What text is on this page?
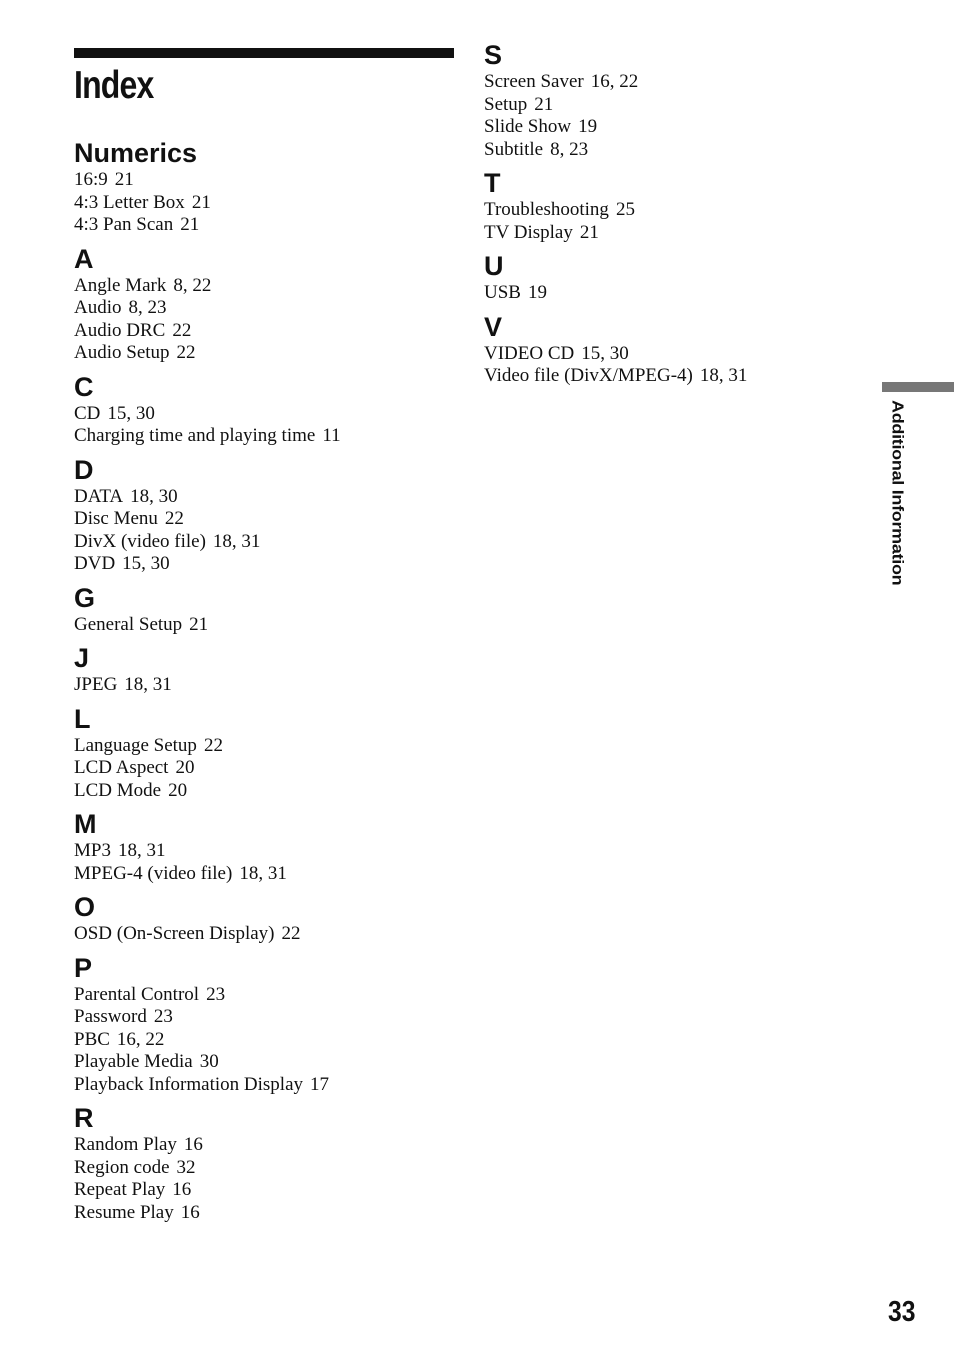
Index
Numerics
16:9 21
4:3 Letter Box 21
4:3 Pan Scan 21
A
Angle Mark 8, 22
Audio 8, 23
Audio DRC 22
Audio Setup 22
C
CD 15, 30
Charging time and playing time 11
D
DATA 18, 30
Disc Menu 22
DivX (video file) 18, 31
DVD 15, 30
G
General Setup 21
J
JPEG 18, 31
L
Language Setup 22
LCD Aspect 20
LCD Mode 20
M
MP3 18, 31
MPEG-4 (video file) 18, 31
O
OSD (On-Screen Display) 22
P
Parental Control 23
Password 23
PBC 16, 22
Playable Media 30
Playback Information Display 17
R
Random Play 16
Region code 32
Repeat Play 16
Resume Play 16
S
Screen Saver 16, 22
Setup 21
Slide Show 19
Subtitle 8, 23
T
Troubleshooting 25
TV Display 21
U
USB 19
V
VIDEO CD 15, 30
Video file (DivX/MPEG-4) 18, 31
Additional Information
33
